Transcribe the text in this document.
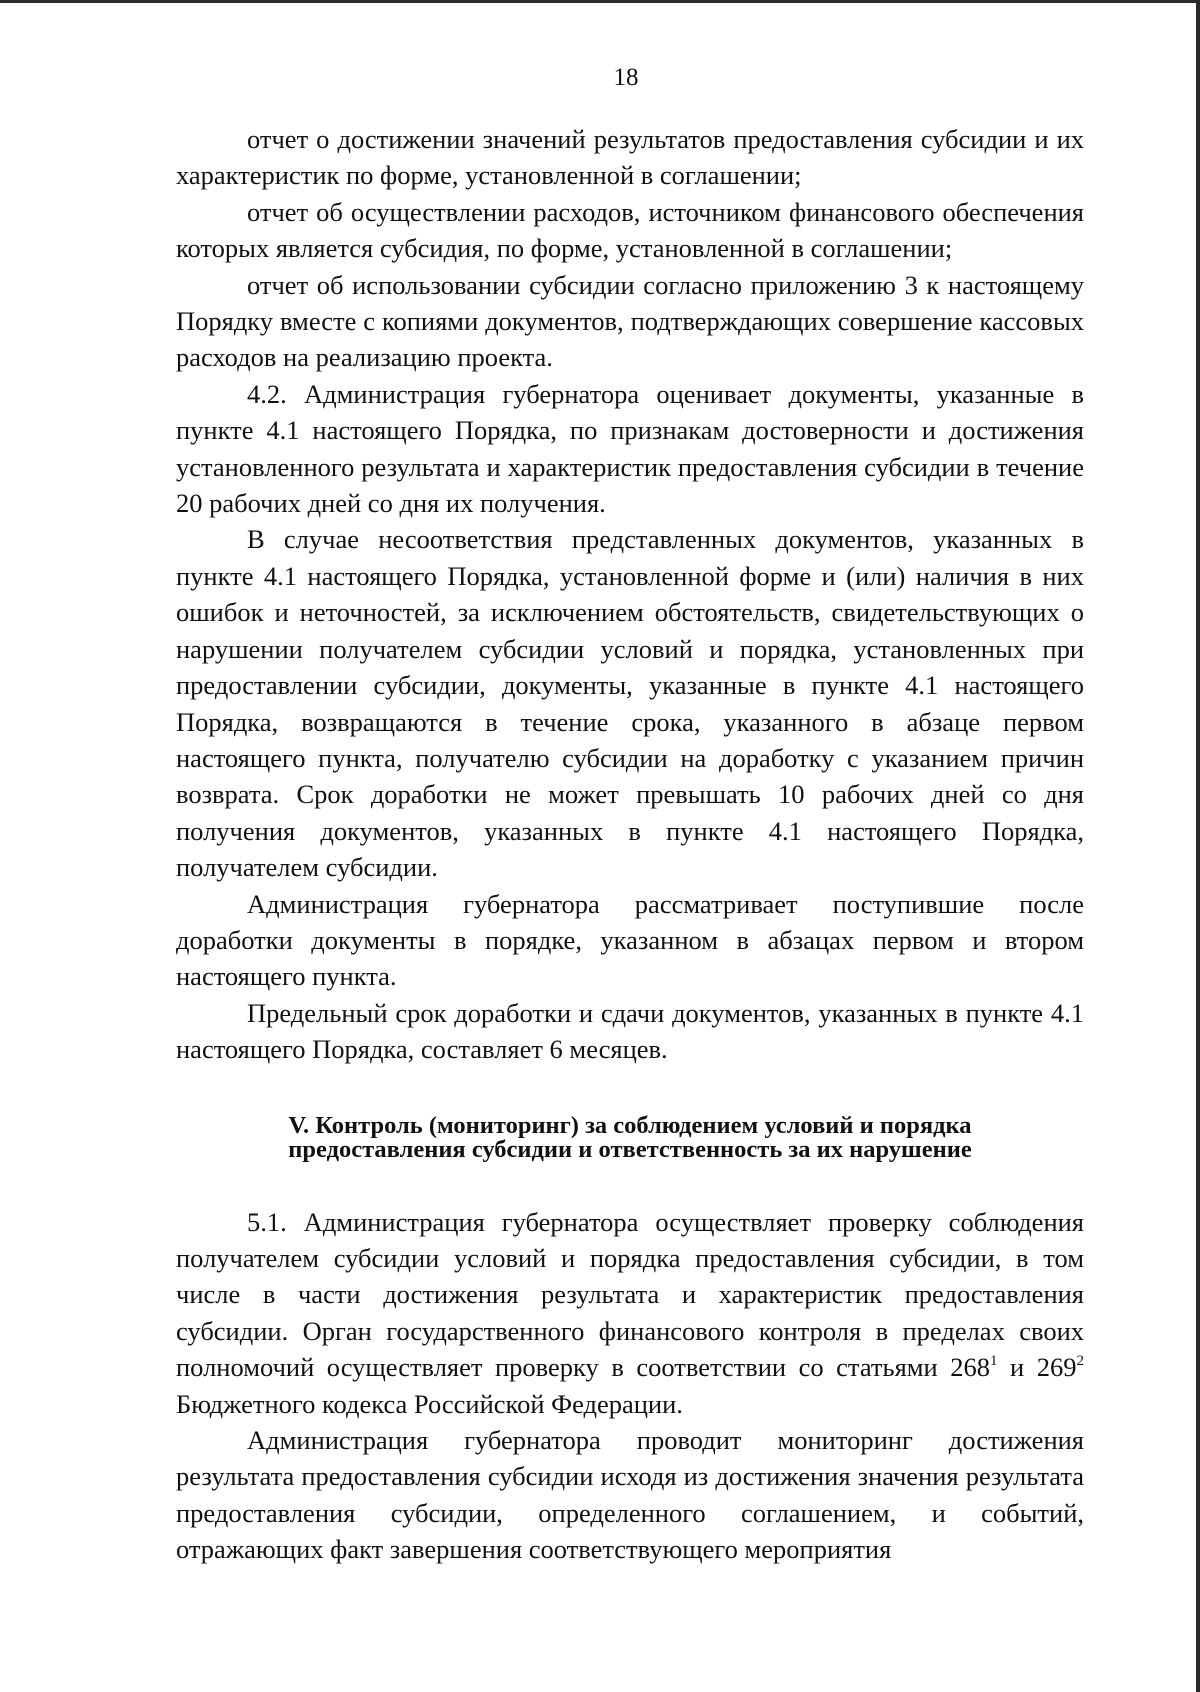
18

отчет о достижении значений результатов предоставления субсидии и их характеристик по форме, установленной в соглашении;

отчет об осуществлении расходов, источником финансового обеспечения которых является субсидия, по форме, установленной в соглашении;

отчет об использовании субсидии согласно приложению 3 к настоящему Порядку вместе с копиями документов, подтверждающих совершение кассовых расходов на реализацию проекта.

4.2. Администрация губернатора оценивает документы, указанные в пункте 4.1 настоящего Порядка, по признакам достоверности и достижения установленного результата и характеристик предоставления субсидии в течение 20 рабочих дней со дня их получения.

В случае несоответствия представленных документов, указанных в пункте 4.1 настоящего Порядка, установленной форме и (или) наличия в них ошибок и неточностей, за исключением обстоятельств, свидетельствующих о нарушении получателем субсидии условий и порядка, установленных при предоставлении субсидии, документы, указанные в пункте 4.1 настоящего Порядка, возвращаются в течение срока, указанного в абзаце первом настоящего пункта, получателю субсидии на доработку с указанием причин возврата. Срок доработки не может превышать 10 рабочих дней со дня получения документов, указанных в пункте 4.1 настоящего Порядка, получателем субсидии.

Администрация губернатора рассматривает поступившие после доработки документы в порядке, указанном в абзацах первом и втором настоящего пункта.

Предельный срок доработки и сдачи документов, указанных в пункте 4.1 настоящего Порядка, составляет 6 месяцев.

V. Контроль (мониторинг) за соблюдением условий и порядка
предоставления субсидии и ответственность за их нарушение

5.1. Администрация губернатора осуществляет проверку соблюдения получателем субсидии условий и порядка предоставления субсидии, в том числе в части достижения результата и характеристик предоставления субсидии. Орган государственного финансового контроля в пределах своих полномочий осуществляет проверку в соответствии со статьями $268^1$ и $269^2$ Бюджетного кодекса Российской Федерации.

Администрация губернатора проводит мониторинг достижения результата предоставления субсидии исходя из достижения значения результата предоставления субсидии, определенного соглашением, и событий, отражающих факт завершения соответствующего мероприятия
